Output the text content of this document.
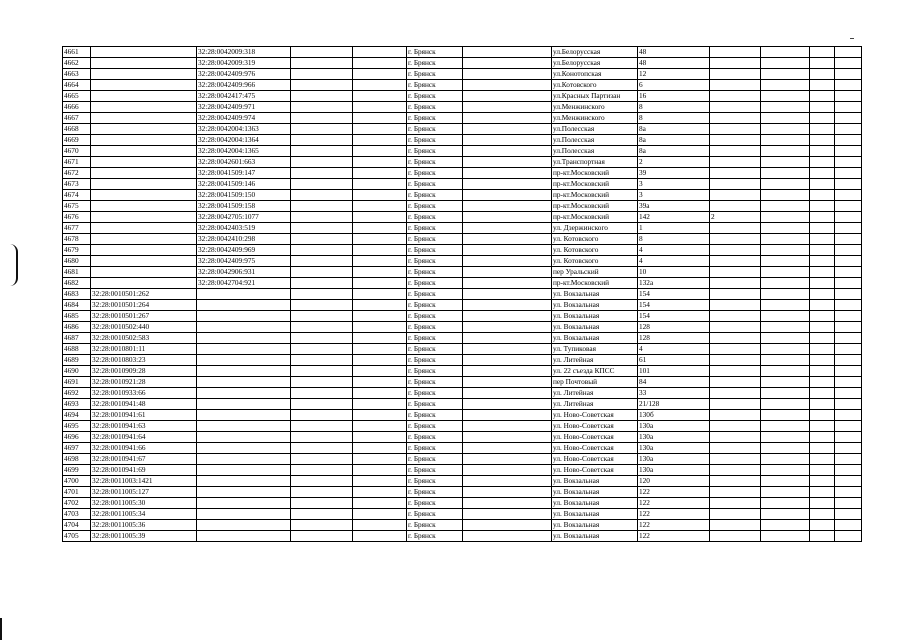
4661		32:28:0042009:318			г. Брянск		ул.Белорусская	48				
4662		32:28:0042009:319			г. Брянск		ул.Белорусская	48				
4663		32:28:0042409:976			г. Брянск		ул.Конотопская	12				
4664		32:28:0042409:966			г. Брянск		ул.Котовского	6				
4665		32:28:0042417:475			г. Брянск		ул.Красных Партизан	16				
4666		32:28:0042409:971			г. Брянск		ул.Менжинского	8				
4667		32:28:0042409:974			г. Брянск		ул.Менжинского	8				
4668		32:28:0042004:1363			г. Брянск		ул.Полесская	8а				
4669		32:28:0042004:1364			г. Брянск		ул.Полесская	8а				
4670		32:28:0042004:1365			г. Брянск		ул.Полесская	8а				
4671		32:28:0042601:663			г. Брянск		ул.Транспортная	2				
4672		32:28:0041509:147			г. Брянск		пр-кт.Московский	39				
4673		32:28:0041509:146			г. Брянск		пр-кт.Московский	3				
4674		32:28:0041509:150			г. Брянск		пр-кт.Московский	3				
4675		32:28:0041509:158			г. Брянск		пр-кт.Московский	39а				
4676		32:28:0042705:1077			г. Брянск		пр-кт.Московский	142	2			
4677		32:28:0042403:519			г. Брянск		ул. Дзержинского	1				
4678		32:28:0042410:298			г. Брянск		ул. Котовского	8				
4679		32:28:0042409:969			г. Брянск		ул. Котовского	4				
4680		32:28:0042409:975			г. Брянск		ул. Котовского	4				
4681		32:28:0042906:931			г. Брянск		пер Уральский	10				
4682		32:28:0042704:921			г. Брянск		пр-кт.Московский	132а				
4683	32:28:0010501:262				г. Брянск		ул. Вокзальная	154				
4684	32:28:0010501:264				г. Брянск		ул. Вокзальная	154				
4685	32:28:0010501:267				г. Брянск		ул. Вокзальная	154				
4686	32:28:0010502:440				г. Брянск		ул. Вокзальная	128				
4687	32:28:0010502:583				г. Брянск		ул. Вокзальная	128				
4688	32:28:0010801:11				г. Брянск		ул. Тупиковая	4				
4689	32:28:0010803:23				г. Брянск		ул. Литейная	61				
4690	32:28:0010909:28				г. Брянск		ул. 22 съезда КПСС	101				
4691	32:28:0010921:28				г. Брянск		пер Почтовый	84				
4692	32:28:0010933:66				г. Брянск		ул. Литейная	33				
4693	32:28:0010941:48				г. Брянск		ул. Литейная	21/128				
4694	32:28:0010941:61				г. Брянск		ул. Ново-Советская	130б				
4695	32:28:0010941:63				г. Брянск		ул. Ново-Советская	130а				
4696	32:28:0010941:64				г. Брянск		ул. Ново-Советская	130а				
4697	32:28:0010941:66				г. Брянск		ул. Ново-Советская	130а				
4698	32:28:0010941:67				г. Брянск		ул. Ново-Советская	130а				
4699	32:28:0010941:69				г. Брянск		ул. Ново-Советская	130а				
4700	32:28:0011003:1421				г. Брянск		ул. Вокзальная	120				
4701	32:28:0011005:127				г. Брянск		ул. Вокзальная	122				
4702	32:28:0011005:30				г. Брянск		ул. Вокзальная	122				
4703	32:28:0011005:34				г. Брянск		ул. Вокзальная	122				
4704	32:28:0011005:36				г. Брянск		ул. Вокзальная	122				
4705	32:28:0011005:39				г. Брянск		ул. Вокзальная	122				
